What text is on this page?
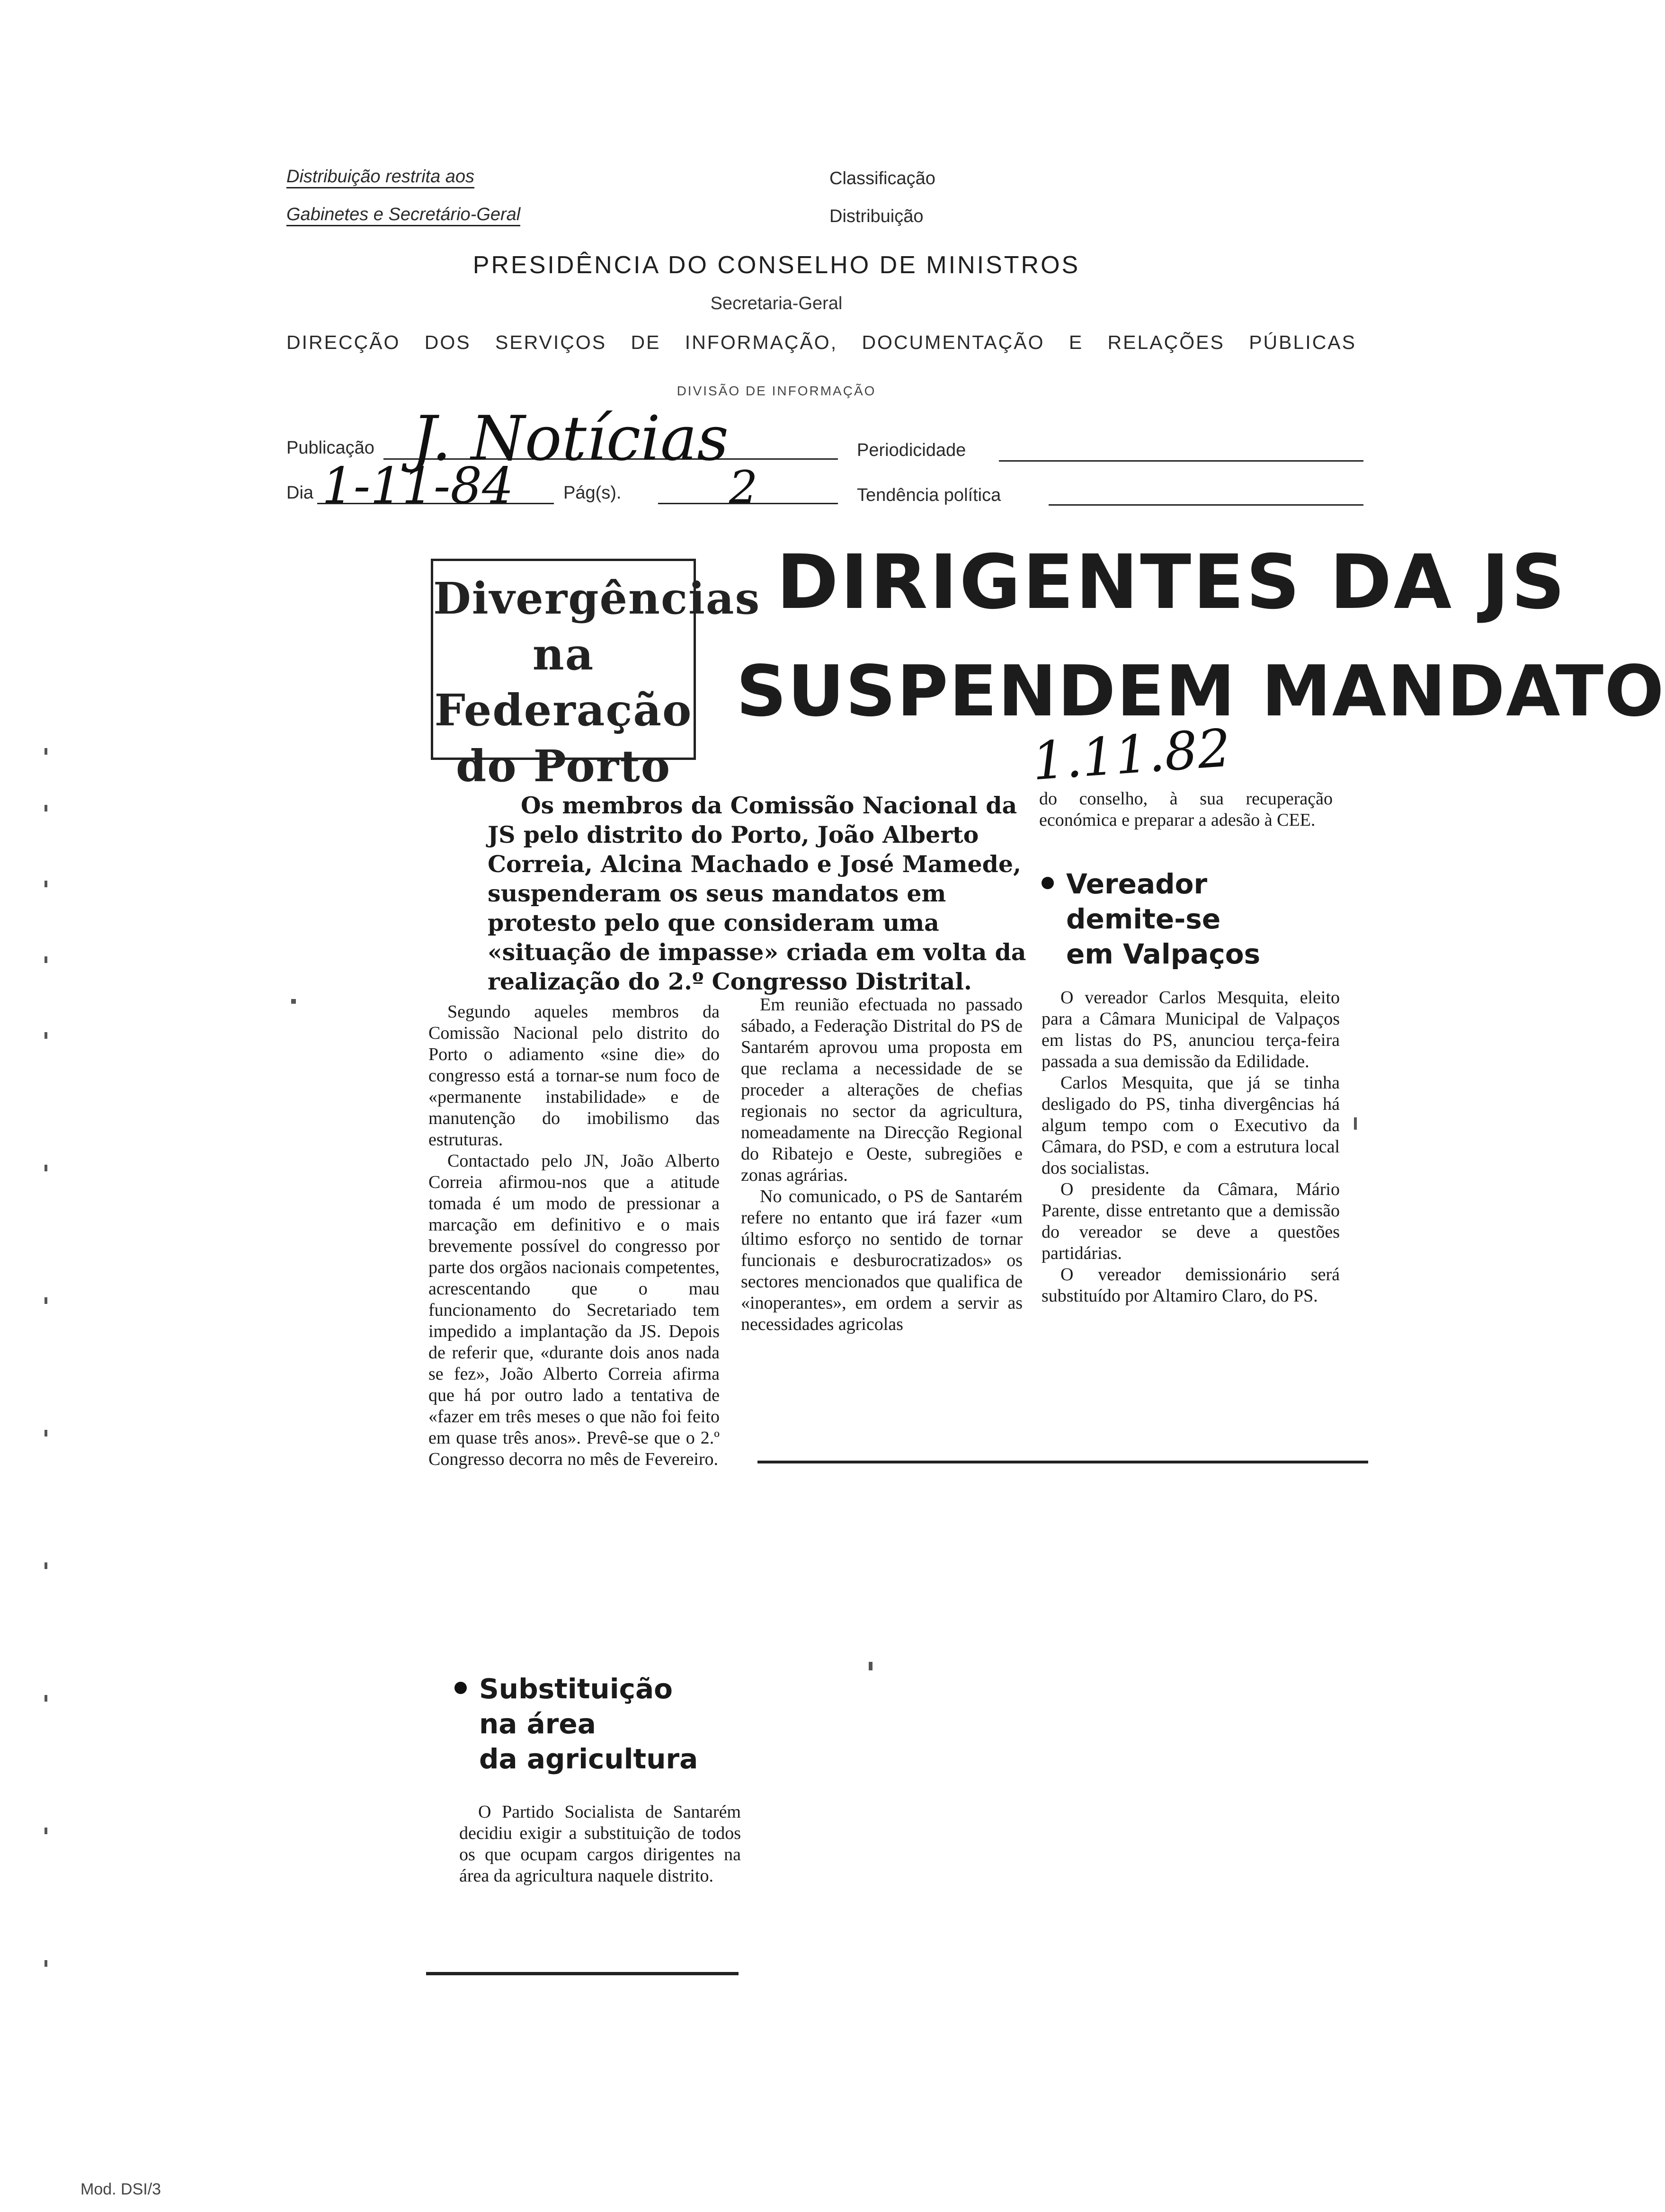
Distribuição restrita aos
Gabinetes e Secretário-Geral
Classificação
Distribuição
PRESIDÊNCIA DO CONSELHO DE MINISTROS
Secretaria-Geral
DIRECÇÃO DOS SERVIÇOS DE INFORMAÇÃO, DOCUMENTAÇÃO E RELAÇÕES PÚBLICAS
DIVISÃO DE INFORMAÇÃO
Publicação J. Notícias	Periodicidade
Dia 1-11-84	Pág(s). 2	Tendência política
Divergências
na Federação
do Porto
DIRIGENTES DA JS
SUSPENDEM MANDATO
1.11.82
Os membros da Comissão Nacional da JS pelo distrito do Porto, João Alberto Correia, Alcina Machado e José Mamede, suspenderam os seus mandatos em protesto pelo que consideram uma «situação de impasse» criada em volta da realização do 2.º Congresso Distrital.

Segundo aqueles membros da Comissão Nacional pelo distrito do Porto o adiamento «sine die» do congresso está a tornar-se num foco de «permanente instabilidade» e de manutenção do imobilismo das estruturas.

Contactado pelo JN, João Alberto Correia afirmou-nos que a atitude tomada é um modo de pressionar a marcação em definitivo e o mais brevemente possível do congresso por parte dos orgãos nacionais competentes, acrescentando que o mau funcionamento do Secretariado tem impedido a implantação da JS. Depois de referir que, «durante dois anos nada se fez», João Alberto Correia afirma que há por outro lado a tentativa de «fazer em três meses o que não foi feito em quase três anos». Prevê-se que o 2.º Congresso decorra no mês de Fevereiro.

Substituição
na área
da agricultura

O Partido Socialista de Santarém decidiu exigir a substituição de todos os que ocupam cargos dirigentes na área da agricultura naquele distrito.

Em reunião efectuada no passado sábado, a Federação Distrital do PS de Santarém aprovou uma proposta em que reclama a necessidade de se proceder a alterações de chefias regionais no sector da agricultura, nomeadamente na Direcção Regional do Ribatejo e Oeste, subregiões e zonas agrárias.

No comunicado, o PS de Santarém refere no entanto que irá fazer «um último esforço no sentido de tornar funcionais e desburocratizados» os sectores mencionados que qualifica de «inoperantes», em ordem a servir as necessidades agricolas

do conselho, à sua recuperação económica e preparar a adesão à CEE.

Vereador
demite-se
em Valpaços

O vereador Carlos Mesquita, eleito para a Câmara Municipal de Valpaços em listas do PS, anunciou terça-feira passada a sua demissão da Edilidade.

Carlos Mesquita, que já se tinha desligado do PS, tinha divergências há algum tempo com o Executivo da Câmara, do PSD, e com a estrutura local dos socialistas.

O presidente da Câmara, Mário Parente, disse entretanto que a demissão do vereador se deve a questões partidárias.

O vereador demissionário será substituído por Altamiro Claro, do PS.

Mod. DSI/3
